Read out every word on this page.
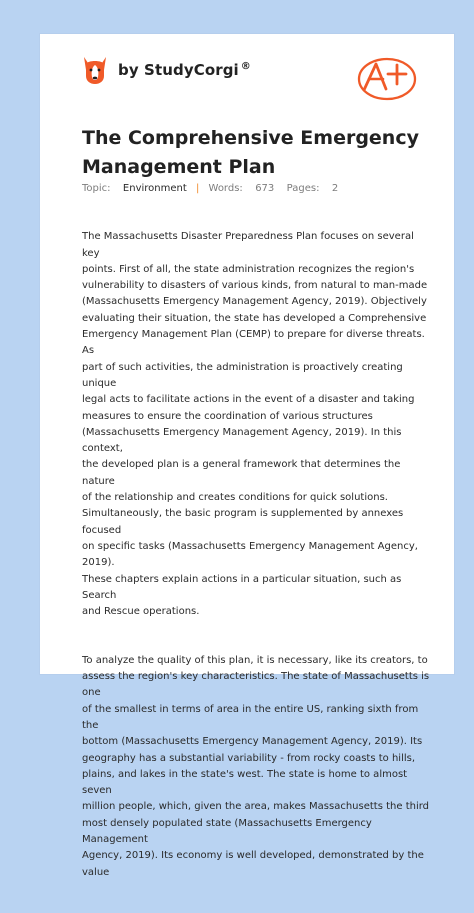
by StudyCorgi ®
The Comprehensive Emergency Management Plan
Topic: Environment | Words: 673 Pages: 2

The Massachusetts Disaster Preparedness Plan focuses on several key
points. First of all, the state administration recognizes the region's
vulnerability to disasters of various kinds, from natural to man-made
(Massachusetts Emergency Management Agency, 2019). Objectively
evaluating their situation, the state has developed a Comprehensive
Emergency Management Plan (CEMP) to prepare for diverse threats. As
part of such activities, the administration is proactively creating unique
legal acts to facilitate actions in the event of a disaster and taking
measures to ensure the coordination of various structures
(Massachusetts Emergency Management Agency, 2019). In this context,
the developed plan is a general framework that determines the nature
of the relationship and creates conditions for quick solutions.
Simultaneously, the basic program is supplemented by annexes focused
on specific tasks (Massachusetts Emergency Management Agency, 2019).
These chapters explain actions in a particular situation, such as Search
and Rescue operations.

To analyze the quality of this plan, it is necessary, like its creators, to
assess the region's key characteristics. The state of Massachusetts is one
of the smallest in terms of area in the entire US, ranking sixth from the
bottom (Massachusetts Emergency Management Agency, 2019). Its
geography has a substantial variability - from rocky coasts to hills,
plains, and lakes in the state's west. The state is home to almost seven
million people, which, given the area, makes Massachusetts the third
most densely populated state (Massachusetts Emergency Management
Agency, 2019). Its economy is well developed, demonstrated by the value
